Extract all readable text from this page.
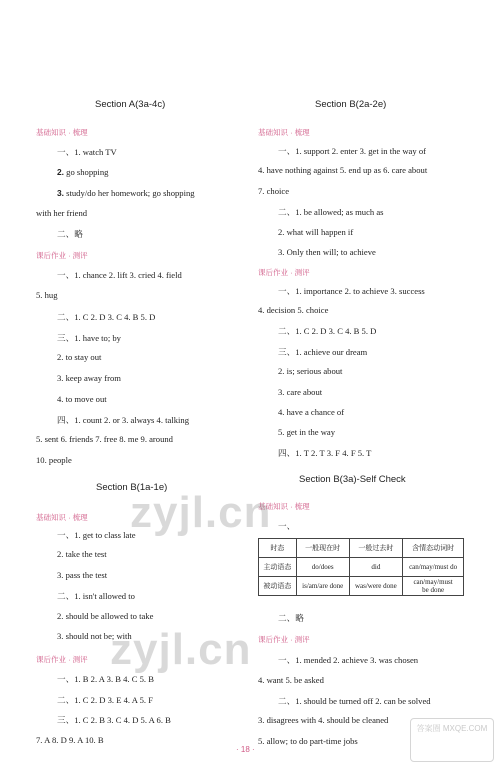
Section A(3a-4c)
基础知识 · 梳理
一、1. watch TV
2. go shopping
3. study/do her homework; go shopping
with her friend
二、略
课后作业 · 测评
一、1. chance 2. lift 3. cried 4. field
5. hug
二、1. C 2. D 3. C 4. B 5. D
三、1. have to; by
2. to stay out
3. keep away from
4. to move out
四、1. count 2. or 3. always 4. talking
5. sent 6. friends 7. free 8. me 9. around
10. people
Section B(1a-1e)
基础知识 · 梳理
一、1. get to class late
2. take the test
3. pass the test
二、1. isn't allowed to
2. should be allowed to take
3. should not be; with
课后作业 · 测评
一、1. B 2. A 3. B 4. C 5. B
二、1. C 2. D 3. E 4. A 5. F
三、1. C 2. B 3. C 4. D 5. A 6. B
7. A 8. D 9. A 10. B
Section B(2a-2e)
基础知识 · 梳理
一、1. support 2. enter 3. get in the way of
4. have nothing against 5. end up as 6. care about
7. choice
二、1. be allowed; as much as
2. what will happen if
3. Only then will; to achieve
课后作业 · 测评
一、1. importance 2. to achieve 3. success
4. decision 5. choice
二、1. C 2. D 3. C 4. B 5. D
三、1. achieve our dream
2. is; serious about
3. care about
4. have a chance of
5. get in the way
四、1. T 2. T 3. F 4. F 5. T
Section B(3a)-Self Check
基础知识 · 梳理
一、
时态	一般现在时	一般过去时	含情态动词时
主动语态	do/does	did	can/may/must do
被动语态	is/am/are done	was/were done	can/may/must
be done
二、略
课后作业 · 测评
一、1. mended 2. achieve 3. was chosen
4. want 5. be asked
二、1. should be turned off 2. can be solved
3. disagrees with 4. should be cleaned
5. allow; to do part-time jobs
zyjl.cn
zyjl.cn
答案圈 MXQE.COM
· 18 ·
